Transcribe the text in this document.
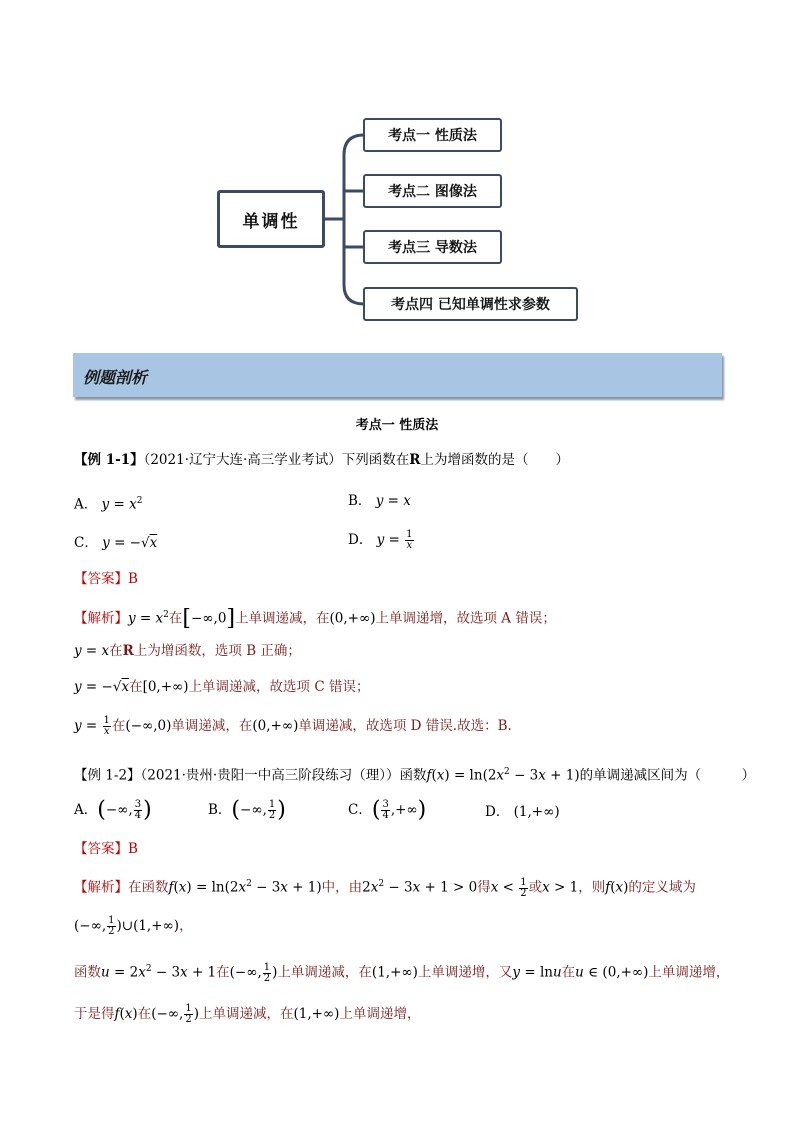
单调性
考点一 性质法
考点二 图像法
考点三 导数法
考点四 已知单调性求参数
例题剖析
考点一 性质法
【例 1-1】（2021·辽宁大连·高三学业考试）下列函数在R上为增函数的是（　　）
A． $y = x^2$	B． y = x
C． y = −√x	D． $y = \frac{1}{x}$
【答案】B
【解析】$y = x^2$在[−∞,0]上单调递减，在(0,+∞)上单调递增，故选项 A 错误；
y = x在R上为增函数，选项 B 正确；
y = −√x在[0,+∞)上单调递减，故选项 C 错误；
$y = \frac{1}{x}$ 在(−∞,0)单调递减，在(0,+∞)单调递减，故选项 D 错误.故选：B.
【例 1-2】（2021·贵州·贵阳一中高三阶段练习（理））函数$f(x) = \ln(2x^2 - 3x + 1)$的单调递减区间为（　　　）
A．(−∞, $\frac{3}{4}$ )	B．(−∞, $\frac{1}{2}$ )	C．( $\frac{3}{4}$ ,+∞)	D． (1,+∞)
【答案】B
【解析】在函数$f(x) = \ln(2x^2 - 3x + 1)$中，由$2x^2 - 3x + 1 > 0$得$x < \frac{1}{2}$ 或x > 1，则f(x)的定义域为
(−∞, $\frac{1}{2}$ )∪(1,+∞)，
函数$u = 2x^2 - 3x + 1$在(−∞, $\frac{1}{2}$ )上单调递减，在(1,+∞)上单调递增，又y = lnu在u ∈ (0,+∞)上单调递增，
于是得f(x)在(−∞, $\frac{1}{2}$ )上单调递减，在(1,+∞)上单调递增，
